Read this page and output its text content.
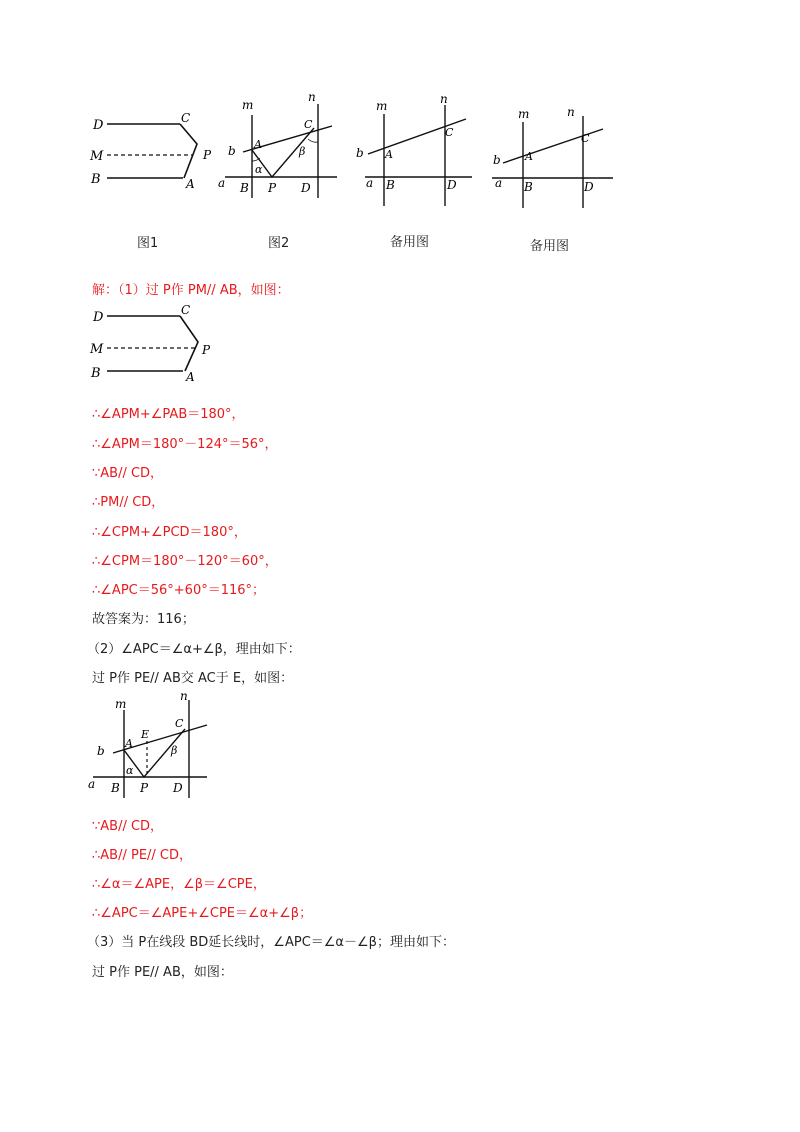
D
M
B
C
P
A
m
n
b
a
A
C
B P D
α
β
m	n
b
a
A
C
B	D
m	n
b
a
A
C
B	D
图1	图2	备用图	备用图
解：（1）过 P作 PM// AB，如图：
D
M
B
C
P
A
∴∠APM+∠PAB＝180°，
∴∠APM＝180°－124°＝56°，
∵AB// CD，
∴PM// CD，
∴∠CPM+∠PCD＝180°，
∴∠CPM＝180°－120°＝60°，
∴∠APC＝56°+60°＝116°；
故答案为：116；
（2）∠APC＝∠α+∠β，理由如下：
过 P作 PE// AB交 AC于 E，如图：
m
n
b
a
A
E
C
B P D
α
β
∵AB// CD，
∴AB// PE// CD，
∴∠α＝∠APE，∠β＝∠CPE，
∴∠APC＝∠APE+∠CPE＝∠α+∠β；
（3）当 P在线段 BD延长线时，∠APC＝∠α－∠β；理由如下：
过 P作 PE// AB，如图：
